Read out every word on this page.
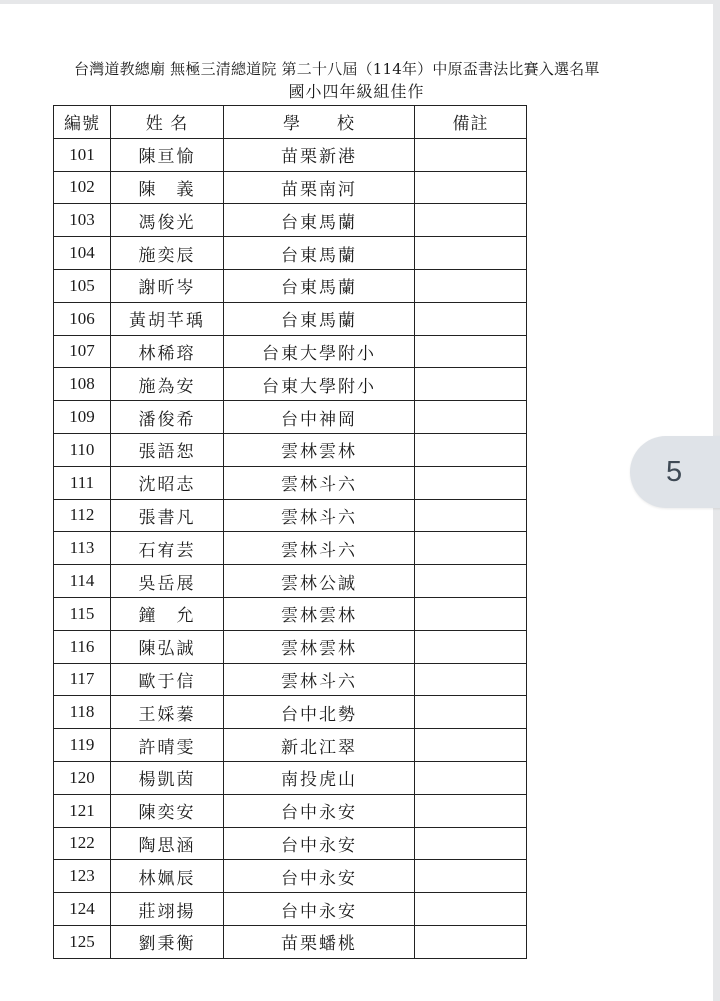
台灣道教總廟 無極三清總道院 第二十八屆（114年）中原盃書法比賽入選名單
國小四年級組佳作
編號	姓 名	學　　校	備註
101	陳亘愉	苗栗新港	
102	陳　義	苗栗南河	
103	馮俊光	台東馬蘭	
104	施奕辰	台東馬蘭	
105	謝昕岑	台東馬蘭	
106	黃胡芊瑀	台東馬蘭	
107	林稀瑢	台東大學附小	
108	施為安	台東大學附小	
109	潘俊希	台中神岡	
110	張語恕	雲林雲林	
111	沈昭志	雲林斗六	
112	張書凡	雲林斗六	
113	石宥芸	雲林斗六	
114	吳岳展	雲林公誠	
115	鐘　允	雲林雲林	
116	陳弘誠	雲林雲林	
117	歐于信	雲林斗六	
118	王婇蓁	台中北勢	
119	許晴雯	新北江翠	
120	楊凱茵	南投虎山	
121	陳奕安	台中永安	
122	陶思涵	台中永安	
123	林姵辰	台中永安	
124	莊翊揚	台中永安	
125	劉秉衡	苗栗蟠桃	
5
